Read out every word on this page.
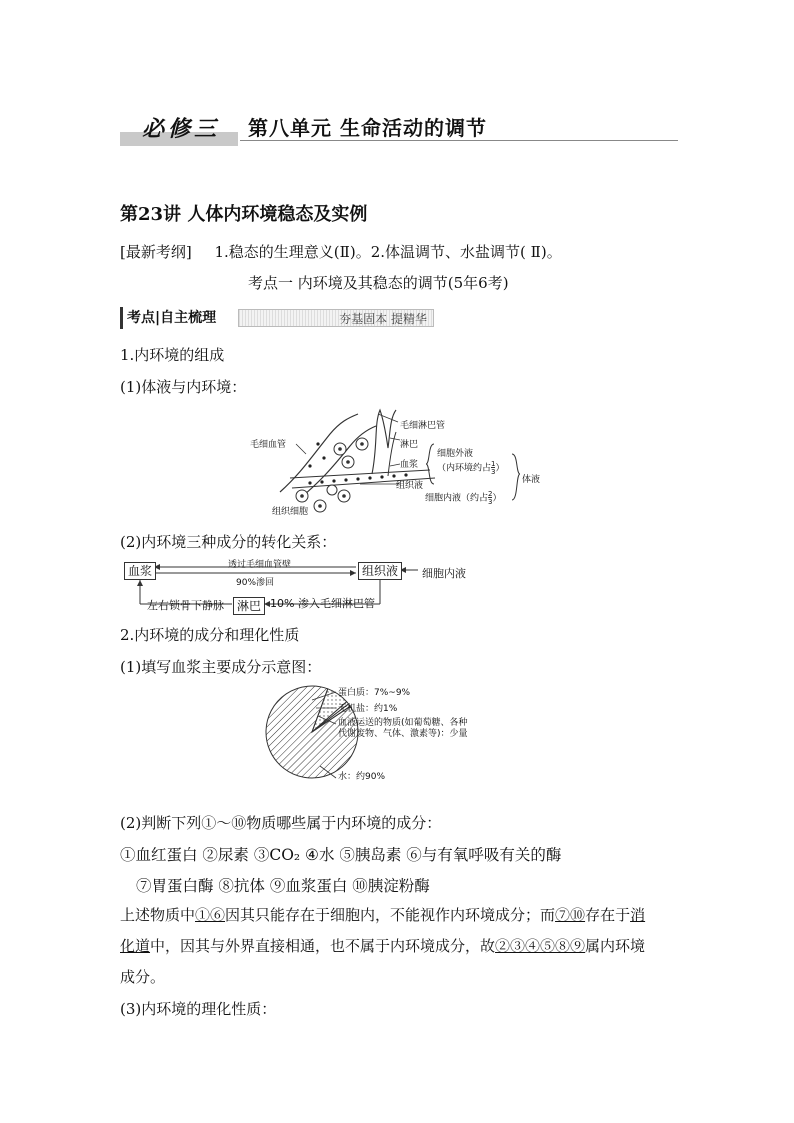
必修三 第八单元 生命活动的调节
第23讲 人体内环境稳态及实例
[最新考纲] 1.稳态的生理意义(Ⅱ)。2.体温调节、水盐调节( Ⅱ)。
考点一 内环境及其稳态的调节(5年6考)
考点|自主梳理	夯基固本 提精华
1.内环境的组成
(1)体液与内环境：
毛细血管
毛细淋巴管
淋巴
血浆
组织液
组织细胞
细胞外液
（内环境约占$\frac{1}{3}$）
细胞内液（约占$\frac{2}{3}$）
体液
(2)内环境三种成分的转化关系：
血浆	组织液
淋巴
细胞内液
透过毛细血管壁
90%渗回
左右锁骨下静脉	10% 渗入毛细淋巴管
2.内环境的成分和理化性质
(1)填写血浆主要成分示意图：
蛋白质：7%~9%
无机盐：约1%
血液运送的物质(如葡萄糖、各种
代谢废物、气体、激素等)：少量
水：约90%
(2)判断下列①～⑩物质哪些属于内环境的成分：
①血红蛋白 ②尿素 ③CO₂ ④水 ⑤胰岛素 ⑥与有氧呼吸有关的酶
⑦胃蛋白酶 ⑧抗体 ⑨血浆蛋白 ⑩胰淀粉酶
上述物质中①⑥因其只能存在于细胞内，不能视作内环境成分；而⑦⑩存在于消
化道中，因其与外界直接相通，也不属于内环境成分，故②③④⑤⑧⑨属内环境
成分。
(3)内环境的理化性质：
